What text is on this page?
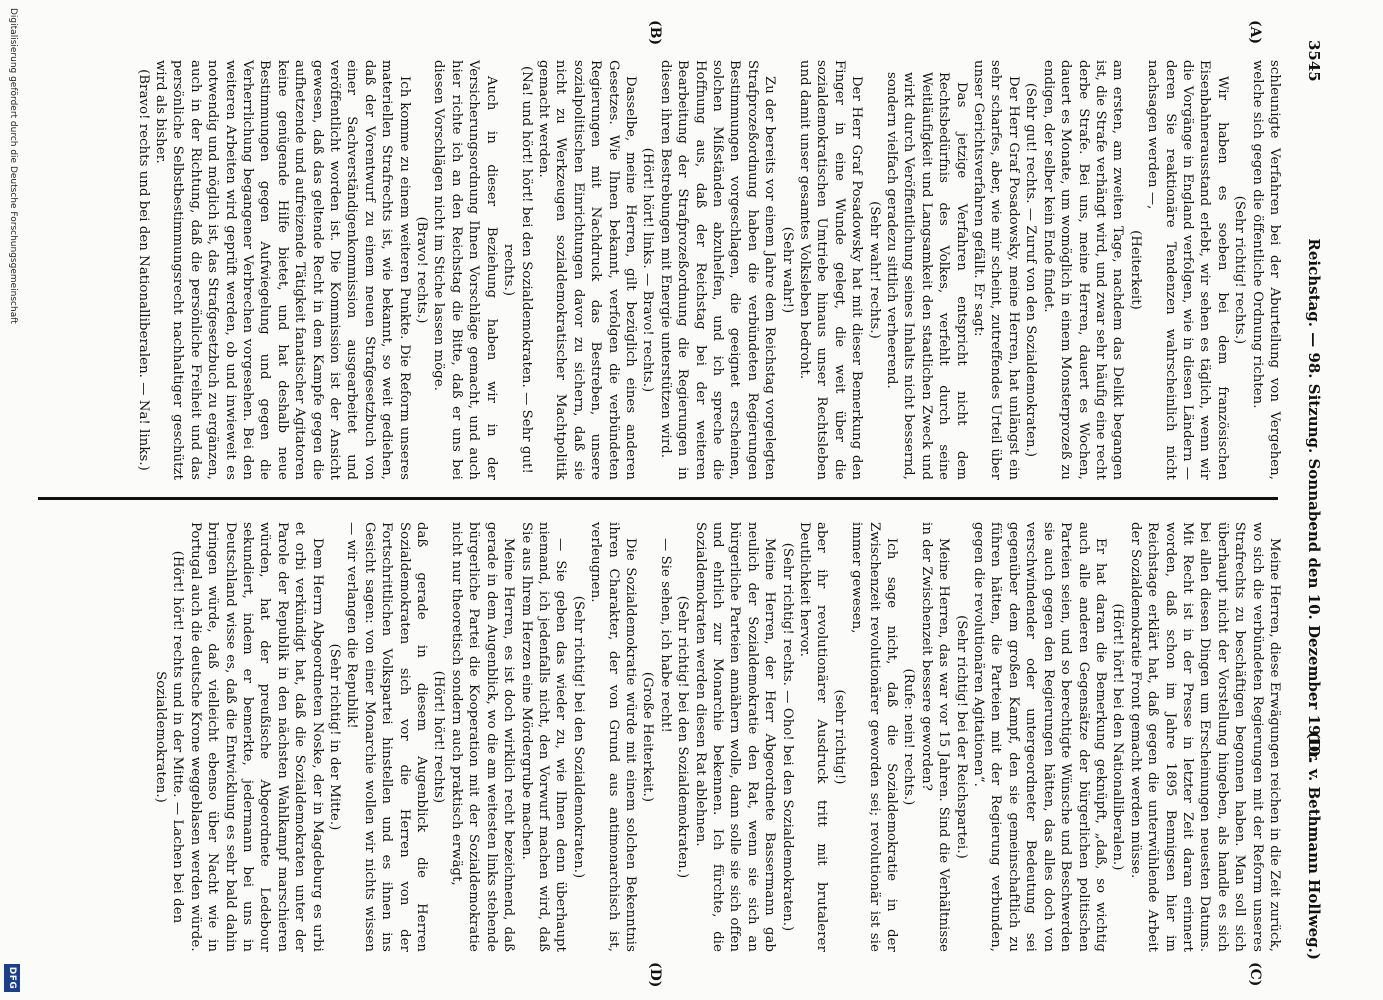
(Dr. v. Bethmann Hollweg.)
Reichstag. — 98. Sitzung. Sonnabend den 10. Dezember 1910.
3545
(A)
(B)
(C)
(D)

schleunigte Verfahren bei der Aburteilung von Vergehen, welche sich gegen die öffentliche Ordnung richten.

(Sehr richtig! rechts.)

Wir haben es soeben bei dem französischen Eisenbahnerausstand erlebt, wir sehen es täglich, wenn wir die Vorgänge in England verfolgen, wie in diesen Ländern — deren Sie reaktionäre Tendenzen wahrscheinlich nicht nachsagen werden —,

(Heiterkeit)

am ersten, am zweiten Tage, nachdem das Delikt begangen ist, die Strafe verhängt wird, und zwar sehr häufig eine recht derbe Strafe. Bei uns, meine Herren, dauert es Wochen, dauert es Monate, um womöglich in einem Monsterprozeß zu endigen, der selber kein Ende findet.

(Sehr gut! rechts. — Zuruf von den Sozialdemokraten.)

Der Herr Graf Posadowsky, meine Herren, hat unlängst ein sehr scharfes, aber, wie mir scheint, zutreffendes Urteil über unser Gerichtsverfahren gefällt. Er sagt:

Das jetzige Verfahren entspricht nicht dem Rechtsbedürfnis des Volkes, verfehlt durch seine Weitläufigkeit und Langsamkeit den staatlichen Zweck und wirkt durch Veröffentlichung seines Inhalts nicht bessernd, sondern vielfach geradezu sittlich verheerend.

(Sehr wahr! rechts.)

Der Herr Graf Posadowsky hat mit dieser Bemerkung den Finger in eine Wunde gelegt, die weit über die sozialdemokratischen Umtriebe hinaus unser Rechtsleben und damit unser gesamtes Volksleben bedroht.

(Sehr wahr!)

Zu der bereits vor einem Jahre dem Reichstag vorgelegten Strafprozeßordnung haben die verbündeten Regierungen Bestimmungen vorgeschlagen, die geeignet erscheinen, solchen Mißständen abzuhelfen, und ich spreche die Hoffnung aus, daß der Reichstag bei der weiteren Bearbeitung der Strafprozeßordnung die Regierungen in diesen ihren Bestrebungen mit Energie unterstützen wird.

(Hört! hört! links. — Bravo! rechts.)

Dasselbe, meine Herren, gilt bezüglich eines anderen Gesetzes. Wie Ihnen bekannt, verfolgen die verbündeten Regierungen mit Nachdruck das Bestreben, unsere sozialpolitischen Einrichtungen davor zu sichern, daß sie nicht zu Werkzeugen sozialdemokratischer Machtpolitik gemacht werden.

(Na! und hört! hört! bei den Sozialdemokraten. — Sehr gut! rechts.)

Auch in dieser Beziehung haben wir in der Versicherungsordnung Ihnen Vorschläge gemacht, und auch hier richte ich an den Reichstag die Bitte, daß er uns bei diesen Vorschlägen nicht im Stiche lassen möge.

(Bravo! rechts.)

Ich komme zu einem weiteren Punkte. Die Reform unseres materiellen Strafrechts ist, wie bekannt, so weit gediehen, daß der Vorentwurf zu einem neuen Strafgesetzbuch von einer Sachverständigenkommission ausgearbeitet und veröffentlicht worden ist. Die Kommission ist der Ansicht gewesen, daß das geltende Recht in dem Kampfe gegen die aufhetzende und aufreizende Tätigkeit fanatischer Agitatoren keine genügende Hilfe bietet, und hat deshalb neue Bestimmungen gegen Aufwiegelung und gegen die Verherrlichung begangener Verbrechen vorgesehen. Bei den weiteren Arbeiten wird geprüft werden, ob und inwieweit es notwendig und möglich ist, das Strafgesetzbuch zu ergänzen, auch in der Richtung, daß die persönliche Freiheit und das persönliche Selbstbestimmungsrecht nachhaltiger geschützt wird als bisher.

(Bravo! rechts und bei den Nationalliberalen. — Na! links.)

Meine Herren, diese Erwägungen reichen in die Zeit zurück, wo sich die verbündeten Regierungen mit der Reform unseres Strafrechts zu beschäftigen begonnen haben. Man soll sich überhaupt nicht der Vorstellung hingeben, als handle es sich bei allen diesen Dingen um Erscheinungen neuesten Datums. Mit Recht ist in der Presse in letzter Zeit daran erinnert worden, daß schon im Jahre 1895 Bennigsen hier im Reichstage erklärt hat, daß gegen die unterwühlende Arbeit der Sozialdemokratie Front gemacht werden müsse.

(Hört! hört! bei den Nationalliberalen.)

Er hat daran die Bemerkung geknüpft, „daß, so wichtig auch alle anderen Gegensätze der bürgerlichen politischen Parteien seien, und so berechtigte Wünsche und Beschwerden sie auch gegen den Regierungen hätten, das alles doch von verschwindender oder untergeordneter Bedeutung sei gegenüber dem großen Kampf, den sie gemeinschaftlich zu führen hätten, die Parteien mit der Regierung verbunden, gegen die revolutionären Agitationen“.

(Sehr richtig! bei der Reichspartei.)

Meine Herren, das war vor 15 Jahren. Sind die Verhältnisse in der Zwischenzeit bessere geworden?

(Rufe: nein! rechts.)

Ich sage nicht, daß die Sozialdemokratie in der Zwischenzeit revolutionärer geworden sei; revolutionär ist sie immer gewesen,

(sehr richtig!)

aber ihr revolutionärer Ausdruck tritt mit brutalerer Deutlichkeit hervor.

(Sehr richtig! rechts. — Oho! bei den Sozialdemokraten.)

Meine Herren, der Herr Abgeordnete Bassermann gab neulich der Sozialdemokratie den Rat, wenn sie sich an bürgerliche Parteien annähern wolle, dann solle sie sich offen und ehrlich zur Monarchie bekennen. Ich fürchte, die Sozialdemokraten werden diesen Rat ablehnen.

(Sehr richtig! bei den Sozialdemokraten.)

— Sie sehen, ich habe recht!

(Große Heiterkeit.)

Die Sozialdemokratie würde mit einem solchen Bekenntnis ihren Charakter, der von Grund aus antimonarchisch ist, verleugnen.

(Sehr richtig! bei den Sozialdemokraten.)

— Sie geben das wieder zu, wie Ihnen denn überhaupt niemand, ich jedenfalls nicht, den Vorwurf machen wird, daß Sie aus Ihrem Herzen eine Mördergrube machen.

Meine Herren, es ist doch wirklich recht bezeichnend, daß gerade in dem Augenblick, wo die am weitesten links stehende bürgerliche Partei die Kooperation mit der Sozialdemokratie nicht nur theoretisch sondern auch praktisch erwägt,

(Hört! hört! rechts)

daß gerade in diesem Augenblick die Herren Sozialdemokraten sich vor die Herren von der Fortschrittlichen Volkspartei hinstellen und es ihnen ins Gesicht sagen: von einer Monarchie wollen wir nichts wissen — wir verlangen die Republik!

(Sehr richtig! in der Mitte.)

Dem Herrn Abgeordneten Noske, der in Magdeburg es urbi et orbi verkündigt hat, daß die Sozialdemokraten unter der Parole der Republik in den nächsten Wahlkampf marschieren würden, hat der preußische Abgeordnete Ledebour sekundiert, indem er bemerkte, jedermann bei uns in Deutschland wisse es, daß die Entwicklung es sehr bald dahin bringen würde, daß vielleicht ebenso über Nacht wie in Portugal auch die deutsche Krone weggeblasen werden würde.

(Hört! hört! rechts und in der Mitte. — Lachen bei den Sozialdemokraten.)

Digitalisierung gefördert durch die Deutsche Forschungsgemeinschaft
DFG
